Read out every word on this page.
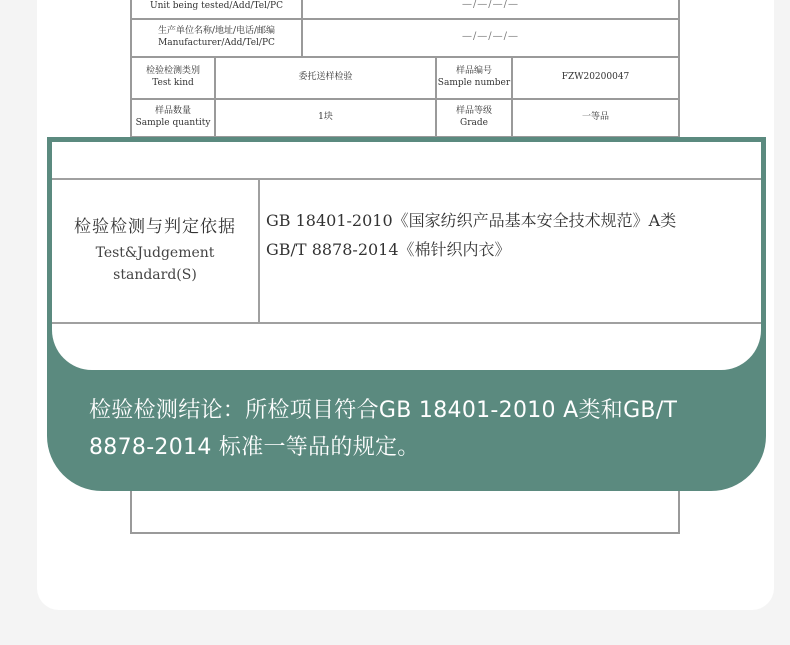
Unit being tested/Add/Tel/PC	—/—/—/—
生产单位名称/地址/电话/邮编
Manufacturer/Add/Tel/PC
—/—/—/—
检验检测类别
Test kind
委托送样检验
样品编号
Sample number
FZW20200047
样品数量
Sample quantity
1块
样品等级
Grade
一等品
检验检测与判定依据
Test&Judgement standard(S)
GB 18401-2010《国家纺织产品基本安全技术规范》A类
GB/T 8878-2014《棉针织内衣》
检验检测结论：所检项目符合GB 18401-2010 A类和GB/T 8878-2014 标准一等品的规定。
